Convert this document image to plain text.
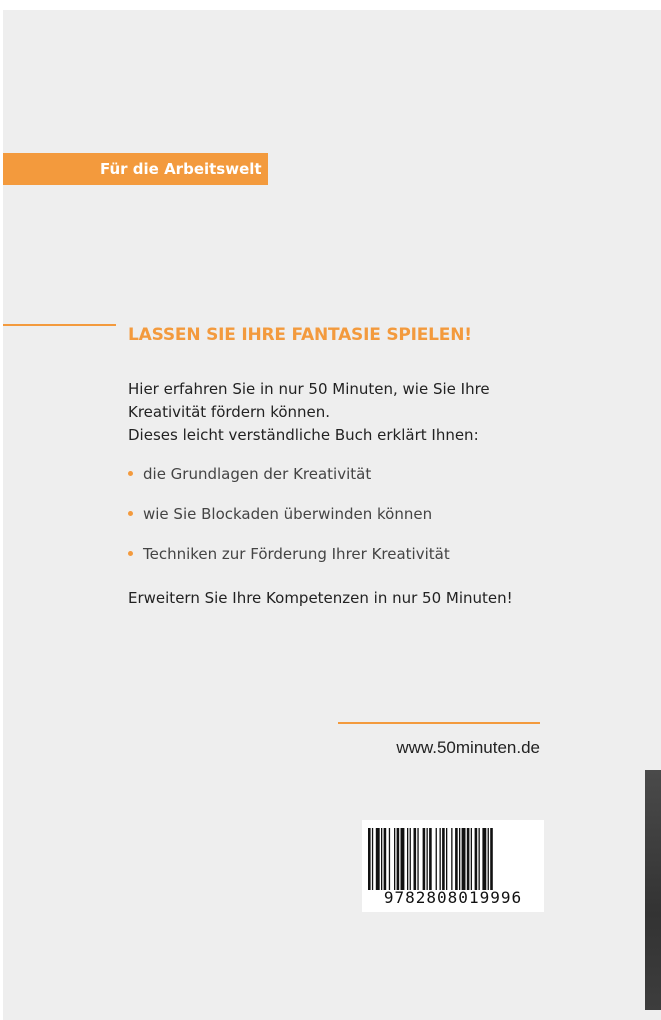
Für die Arbeitswelt
LASSEN SIE IHRE FANTASIE SPIELEN!
Hier erfahren Sie in nur 50 Minuten, wie Sie Ihre
Kreativität fördern können.
Dieses leicht verständliche Buch erklärt Ihnen:
die Grundlagen der Kreativität
wie Sie Blockaden überwinden können
Techniken zur Förderung Ihrer Kreativität
Erweitern Sie Ihre Kompetenzen in nur 50 Minuten!
www.50minuten.de
9782808019996
